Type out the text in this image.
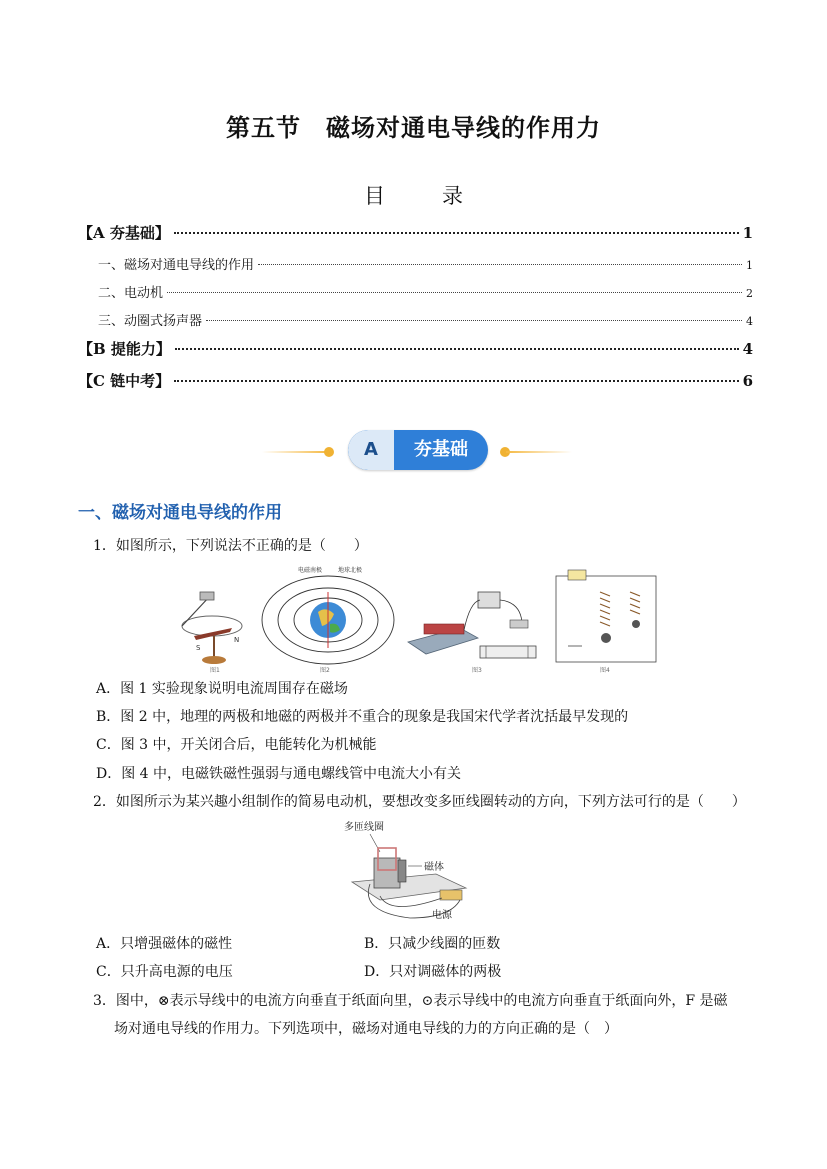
第五节　磁场对通电导线的作用力
目　录
【A 夯基础】	1
一、磁场对通电导线的作用	1
二、电动机	2
三、动圈式扬声器	4
【B 提能力】	4
【C 链中考】	6
A	夯基础
一、磁场对通电导线的作用
1．如图所示，下列说法不正确的是（　　）
S
N
图1
电磁南极	地球北极
图2	图3	图4
A．图 1 实验现象说明电流周围存在磁场
B．图 2 中，地理的两极和地磁的两极并不重合的现象是我国宋代学者沈括最早发现的
C．图 3 中，开关闭合后，电能转化为机械能
D．图 4 中，电磁铁磁性强弱与通电螺线管中电流大小有关
2．如图所示为某兴趣小组制作的简易电动机，要想改变多匝线圈转动的方向，下列方法可行的是（　　）
多匝线圈
磁体
电源
A．只增强磁体的磁性	B．只减少线圈的匝数
C．只升高电源的电压	D．只对调磁体的两极
3．图中，⊗表示导线中的电流方向垂直于纸面向里，⊙表示导线中的电流方向垂直于纸面向外，F 是磁
场对通电导线的作用力。下列选项中，磁场对通电导线的力的方向正确的是（　）
